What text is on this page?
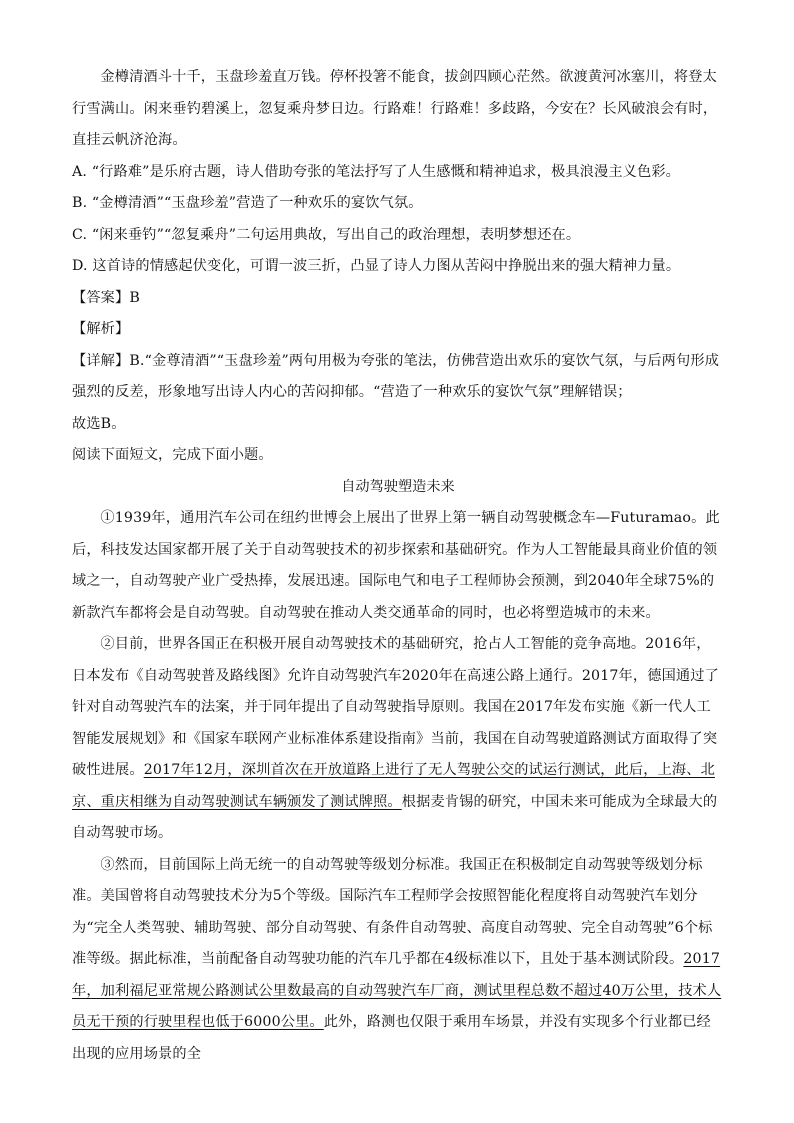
金樽清酒斗十千，玉盘珍羞直万钱。停杯投箸不能食，拔剑四顾心茫然。欲渡黄河冰塞川，将登太行雪满山。闲来垂钓碧溪上，忽复乘舟梦日边。行路难！行路难！多歧路，今安在？长风破浪会有时，直挂云帆济沧海。

A. “行路难”是乐府古题，诗人借助夸张的笔法抒写了人生感慨和精神追求，极具浪漫主义色彩。

B. “金樽清酒”“玉盘珍羞”营造了一种欢乐的宴饮气氛。

C. “闲来垂钓”“忽复乘舟”二句运用典故，写出自己的政治理想，表明梦想还在。

D. 这首诗的情感起伏变化，可谓一波三折，凸显了诗人力图从苦闷中挣脱出来的强大精神力量。

【答案】B

【解析】

【详解】B.“金尊清酒”“玉盘珍羞”两句用极为夸张的笔法，仿佛营造出欢乐的宴饮气氛，与后两句形成强烈的反差，形象地写出诗人内心的苦闷抑郁。“营造了一种欢乐的宴饮气氛”理解错误；

故选B。

阅读下面短文，完成下面小题。

自动驾驶塑造未来

①1939年，通用汽车公司在纽约世博会上展出了世界上第一辆自动驾驶概念车—Futuramao。此后，科技发达国家都开展了关于自动驾驶技术的初步探索和基础研究。作为人工智能最具商业价值的领域之一，自动驾驶产业广受热捧，发展迅速。国际电气和电子工程师协会预测，到2040年全球75%的新款汽车都将会是自动驾驶。自动驾驶在推动人类交通革命的同时，也必将塑造城市的未来。

②目前，世界各国正在积极开展自动驾驶技术的基础研究，抢占人工智能的竞争高地。2016年，日本发布《自动驾驶普及路线图》允许自动驾驶汽车2020年在高速公路上通行。2017年，德国通过了针对自动驾驶汽车的法案，并于同年提出了自动驾驶指导原则。我国在2017年发布实施《新一代人工智能发展规划》和《国家车联网产业标准体系建设指南》当前，我国在自动驾驶道路测试方面取得了突破性进展。2017年12月，深圳首次在开放道路上进行了无人驾驶公交的试运行测试，此后，上海、北京、重庆相继为自动驾驶测试车辆颁发了测试牌照。根据麦肯锡的研究，中国未来可能成为全球最大的自动驾驶市场。

③然而，目前国际上尚无统一的自动驾驶等级划分标准。我国正在积极制定自动驾驶等级划分标准。美国曾将自动驾驶技术分为5个等级。国际汽车工程师学会按照智能化程度将自动驾驶汽车划分为“完全人类驾驶、辅助驾驶、部分自动驾驶、有条件自动驾驶、高度自动驾驶、完全自动驾驶”6个标准等级。据此标准，当前配备自动驾驶功能的汽车几乎都在4级标准以下，且处于基本测试阶段。2017年，加利福尼亚常规公路测试公里数最高的自动驾驶汽车厂商，测试里程总数不超过40万公里，技术人员无干预的行驶里程也低于6000公里。此外，路测也仅限于乘用车场景，并没有实现多个行业都已经出现的应用场景的全
